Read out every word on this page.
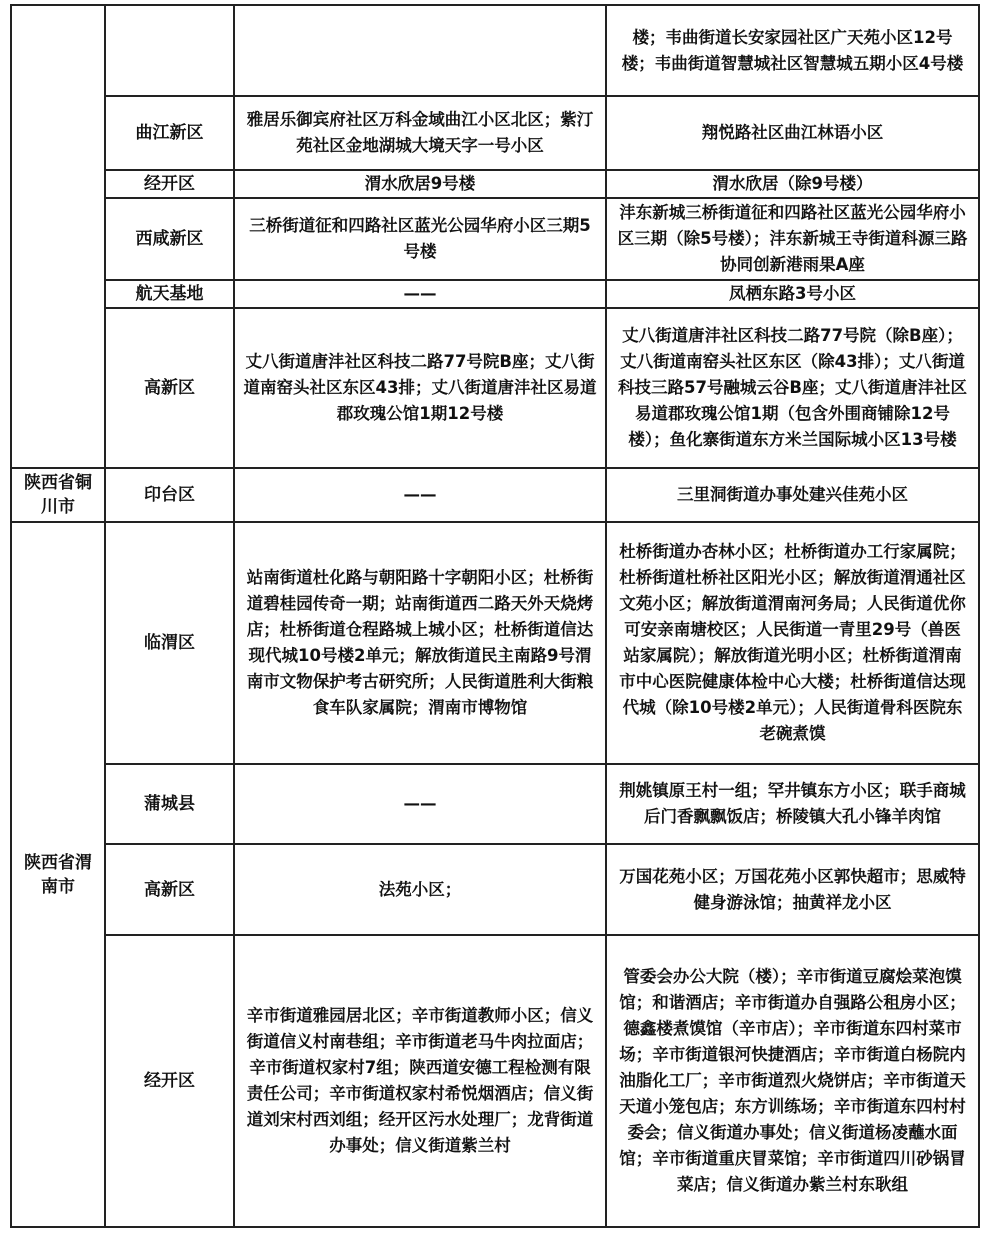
			楼；韦曲街道长安家园社区广天苑小区12号楼；韦曲街道智慧城社区智慧城五期小区4号楼
	曲江新区	雅居乐御宾府社区万科金域曲江小区北区；紫汀苑社区金地湖城大境天字一号小区	翔悦路社区曲江林语小区
	经开区	渭水欣居9号楼	渭水欣居（除9号楼）
	西咸新区	三桥街道征和四路社区蓝光公园华府小区三期5号楼	沣东新城三桥街道征和四路社区蓝光公园华府小区三期（除5号楼）；沣东新城王寺街道科源三路协同创新港雨果A座
	航天基地	——	凤栖东路3号小区
	高新区	丈八街道唐沣社区科技二路77号院B座；丈八街道南窑头社区东区43排；丈八街道唐沣社区易道郡玫瑰公馆1期12号楼	丈八街道唐沣社区科技二路77号院（除B座）；丈八街道南窑头社区东区（除43排）；丈八街道科技三路57号融城云谷B座；丈八街道唐沣社区易道郡玫瑰公馆1期（包含外围商铺除12号楼）；鱼化寨街道东方米兰国际城小区13号楼
陕西省铜川市	印台区	——	三里洞街道办事处建兴佳苑小区
陕西省渭南市	临渭区	站南街道杜化路与朝阳路十字朝阳小区；杜桥街道碧桂园传奇一期；站南街道西二路天外天烧烤店；杜桥街道仓程路城上城小区；杜桥街道信达现代城10号楼2单元；解放街道民主南路9号渭南市文物保护考古研究所；人民街道胜利大街粮食车队家属院；渭南市博物馆	杜桥街道办杏林小区；杜桥街道办工行家属院；杜桥街道杜桥社区阳光小区；解放街道渭通社区文苑小区；解放街道渭南河务局；人民街道优你可安亲南塘校区；人民街道一青里29号（兽医站家属院）；解放街道光明小区；杜桥街道渭南市中心医院健康体检中心大楼；杜桥街道信达现代城（除10号楼2单元）；人民街道骨科医院东老碗煮馍
	蒲城县	——	荆姚镇原王村一组；罕井镇东方小区；联手商城后门香飘飘饭店；桥陵镇大孔小锋羊肉馆
	高新区	法苑小区；	万国花苑小区；万国花苑小区郭快超市；思威特健身游泳馆；抽黄祥龙小区
	经开区	辛市街道雅园居北区；辛市街道教师小区；信义街道信义村南巷组；辛市街道老马牛肉拉面店；辛市街道权家村7组；陕西道安德工程检测有限责任公司；辛市街道权家村希悦烟酒店；信义街道刘宋村西刘组；经开区污水处理厂；龙背街道办事处；信义街道紫兰村	管委会办公大院（楼）；辛市街道豆腐烩菜泡馍馆；和谐酒店；辛市街道办自强路公租房小区；德鑫楼煮馍馆（辛市店）；辛市街道东四村菜市场；辛市街道银河快捷酒店；辛市街道白杨院内油脂化工厂；辛市街道烈火烧饼店；辛市街道天天道小笼包店；东方训练场；辛市街道东四村村委会；信义街道办事处；信义街道杨凌蘸水面馆；辛市街道重庆冒菜馆；辛市街道四川砂锅冒菜店；信义街道办紫兰村东耿组
